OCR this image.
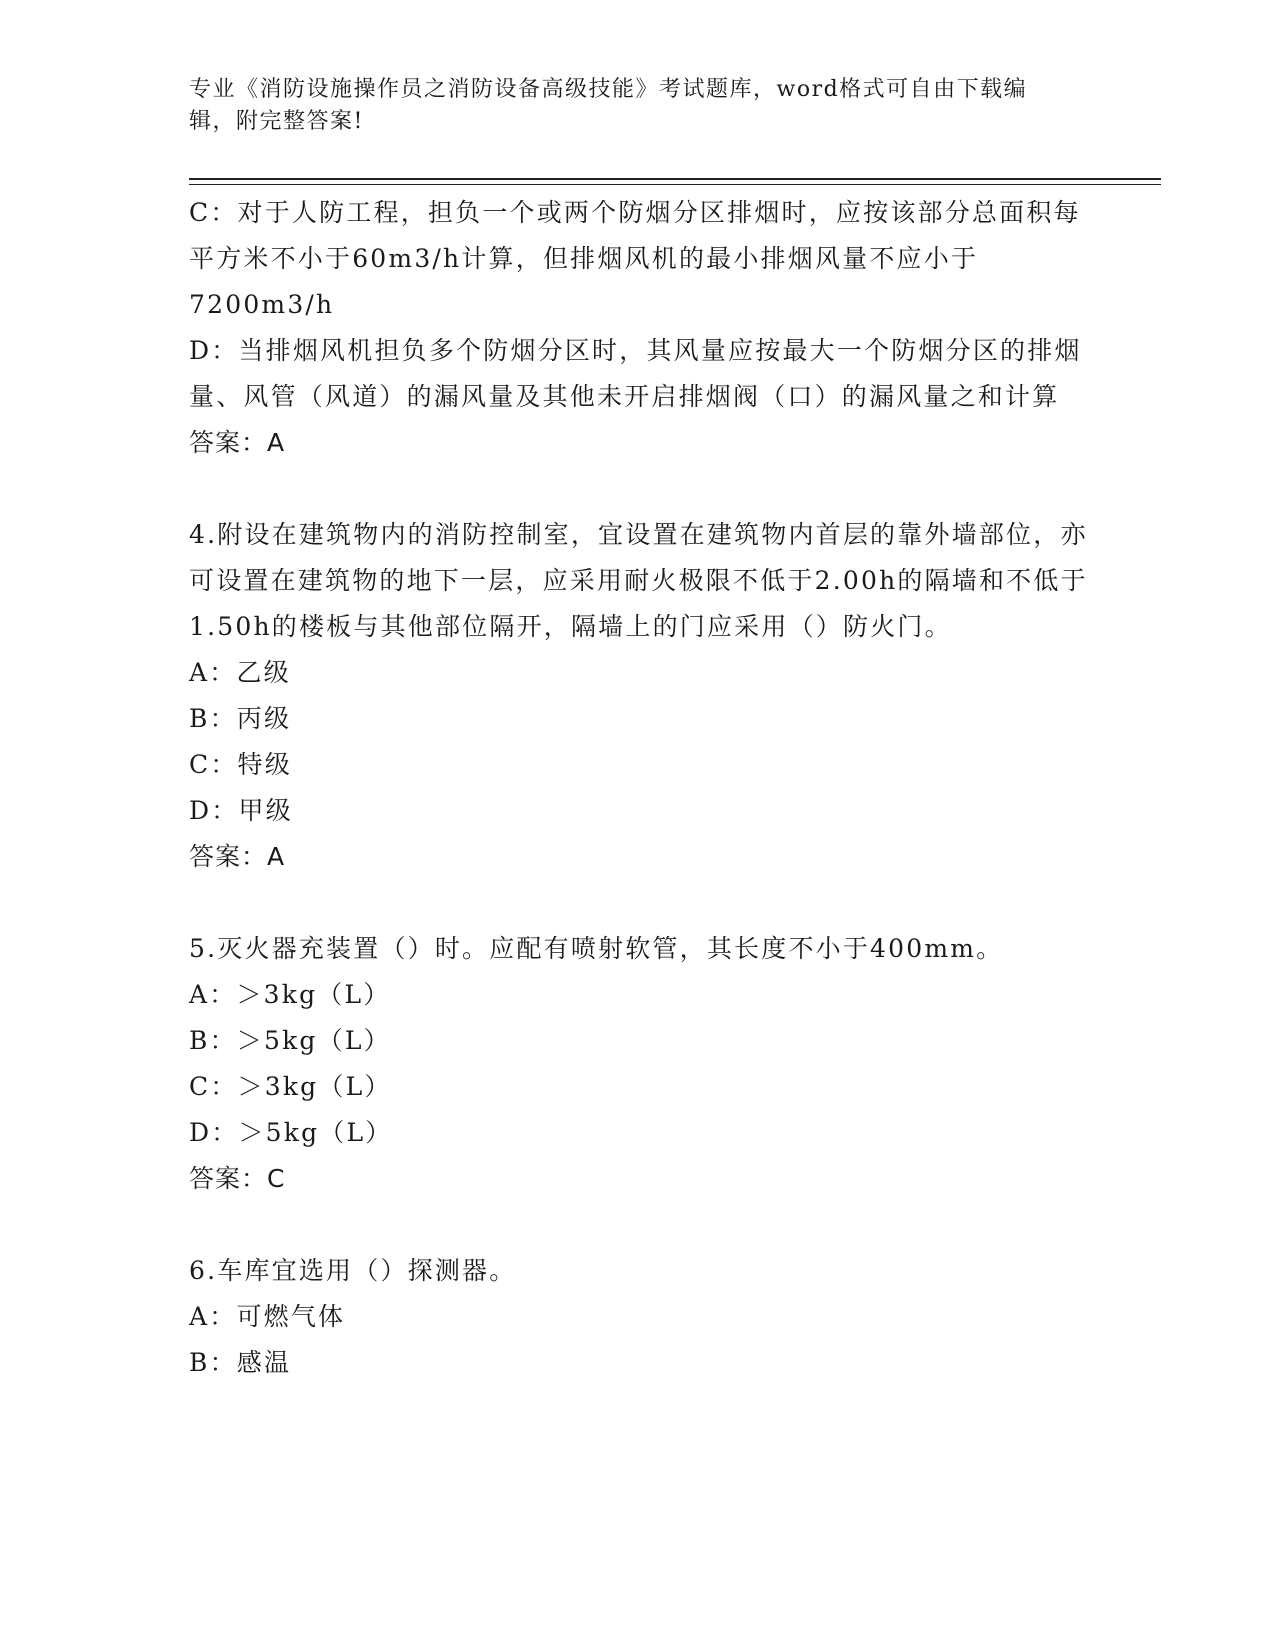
专业《消防设施操作员之消防设备高级技能》考试题库，word格式可自由下载编辑，附完整答案!
C：对于人防工程，担负一个或两个防烟分区排烟时，应按该部分总面积每平方米不小于60m3/h计算，但排烟风机的最小排烟风量不应小于7200m3/h
D：当排烟风机担负多个防烟分区时，其风量应按最大一个防烟分区的排烟量、风管（风道）的漏风量及其他未开启排烟阀（口）的漏风量之和计算
答案：A
4.附设在建筑物内的消防控制室，宜设置在建筑物内首层的靠外墙部位，亦可设置在建筑物的地下一层，应采用耐火极限不低于2.00h的隔墙和不低于1.50h的楼板与其他部位隔开，隔墙上的门应采用（）防火门。
A：乙级
B：丙级
C：特级
D：甲级
答案：A
5.灭火器充装置（）时。应配有喷射软管，其长度不小于400mm。
A：＞3kg（L）
B：＞5kg（L）
C：＞3kg（L）
D：＞5kg（L）
答案：C
6.车库宜选用（）探测器。
A：可燃气体
B：感温
